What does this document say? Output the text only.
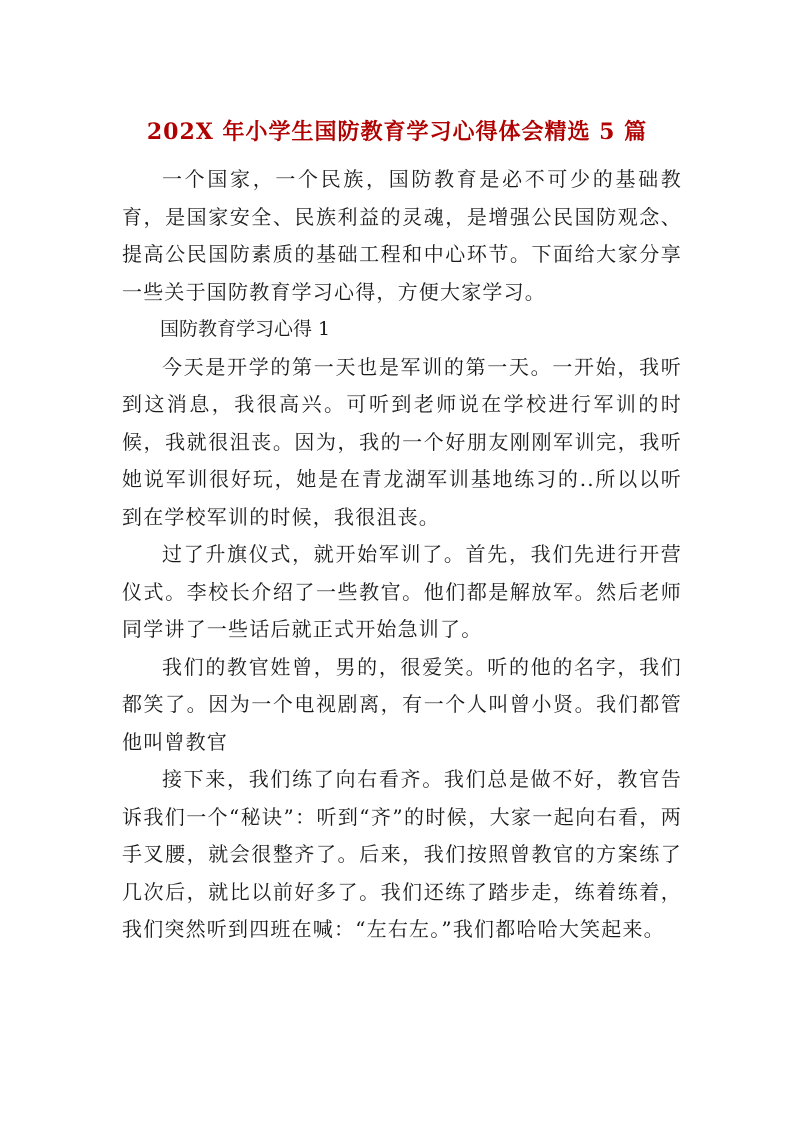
202X 年小学生国防教育学习心得体会精选 5 篇

一个国家，一个民族，国防教育是必不可少的基础教育，是国家安全、民族利益的灵魂，是增强公民国防观念、提高公民国防素质的基础工程和中心环节。下面给大家分享一些关于国防教育学习心得，方便大家学习。

国防教育学习心得 1

今天是开学的第一天也是军训的第一天。一开始，我听到这消息，我很高兴。可听到老师说在学校进行军训的时候，我就很沮丧。因为，我的一个好朋友刚刚军训完，我听她说军训很好玩，她是在青龙湖军训基地练习的..所以以听到在学校军训的时候，我很沮丧。

过了升旗仪式，就开始军训了。首先，我们先进行开营仪式。李校长介绍了一些教官。他们都是解放军。然后老师同学讲了一些话后就正式开始急训了。

我们的教官姓曾，男的，很爱笑。听的他的名字，我们都笑了。因为一个电视剧离，有一个人叫曾小贤。我们都管他叫曾教官

接下来，我们练了向右看齐。我们总是做不好，教官告诉我们一个“秘诀”：听到“齐”的时候，大家一起向右看，两手叉腰，就会很整齐了。后来，我们按照曾教官的方案练了几次后，就比以前好多了。我们还练了踏步走，练着练着，我们突然听到四班在喊：“左右左。”我们都哈哈大笑起来。
